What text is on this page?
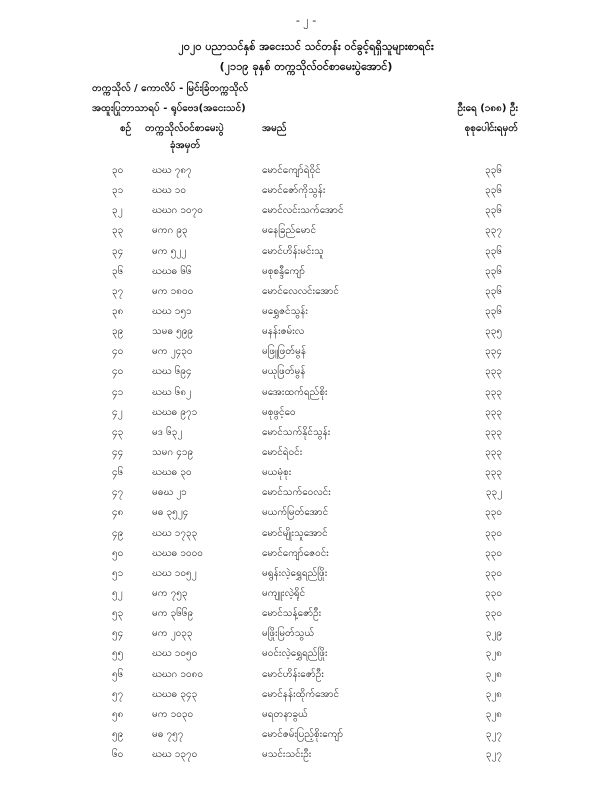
- ၂ -
၂၀၂၀ ပညာသင်နှစ် အငေးသင် သင်တန်း ဝင်ခွင့်ရရှိသူများစာရင်း
(၂၁၁၉ ခုနှစ် တက္ကသိုလ်ဝင်စာမေးပွဲအောင်)
တက္ကသိုလ် / ကောလိပ် - မြင်းခြံတက္ကသိုလ်
အထူးပြုဘာသာရပ် - ရုပ်ဗေဒ(အငေးသင်)	ဦးရေ (၁၈၈) ဦး
စဉ် တက္ကသိုလ်ဝင်စာမေးပွဲ
ခုံအမှတ်
အမည်	စုစုပေါင်းရမှတ်
၃၀	ဃဃ ၇၈၇	မောင်ကျော်ရဲဝိုင်	၃၃၆
၃၁	ဃဃ ၁၀	မောင်ဇော်ကိုသွန်း	၃၃၆
၃၂	ဃဃဂ ၁၀၇၀	မောင်လင်းသက်အောင်	၃၃၆
၃၃	မကဂ ၉၃	မနေခြည်မောင်	၃၃၇
၃၄	မက ၅၂၂	မောင်ဟိန်းမင်းသူ	၃၃၆
၃၆	ဃဃဓ ၆၆	မစုစန္ဒီကျော်	၃၃၆
၃၇	မက ၁၈၀၀	မောင်လေလင်းအောင်	၃၃၆
၃၈	ဃဃ ၁၅၁	မရွှေဇင်သွန်း	၃၃၆
၃၉	သမဓ ၅၉၉	မနန်းဇမ်းလ	၃၃၅
၄၀	မက ၂၄၃၀	မဖြူဖြတ်မွန်	၃၃၄
၄၀	ဃဃ ၆၉၄	မယုဖြတ်မွန်	၃၃၃
၄၁	ဃဃ ၆၈၂	မအေးထက်ရည်စိုး	၃၃၃
၄၂	ဃဃဓ ၉၇၁	မစုဖွင့်ဝေ	၃၃၃
၄၃	မဒ ၆၃၂	မောင်သက်နိုင်သွန်း	၃၃၃
၄၄	သမဂ ၄၁၉	မောင်ရဲဝင်း	၃၃၃
၄၆	ဃဃဓ ၃၀	မယမုံစုး	၃၃၃
၄၇	မဓဃ ၂၁	မောင်သက်ဝေလင်း	၃၃၂
၄၈	မဓ ၃၅၂၄	မယက်မြတ်အောင်	၃၃၀
၄၉	ဃဃ ၁၇၃၃	မောင်မျိုးသူအောင်	၃၃၀
၅၀	ဃဃဓ ၁၀၀၀	မောင်ကျော်ဇေဝင်း	၃၃၀
၅၁	ဃဃ ၁၀၅၂	မရွန်းလဲ့ရွှေရည်ဖြိုး	၃၃၀
၅၂	မက ၇၅၃	မကျူးလဲ့ရိုင်	၃၃၀
၅၃	မက ၃၆၆၉	မောင်သန့်ဇော်ဦး	၃၃၀
၅၄	မက ၂၀၃၃	မဖြိုးမြတ်သွယ်	၃၂၉
၅၅	ဃဃ ၁၀၅၀	မဝင်းလဲ့ရွှေရည်ဖြိုး	၃၂၈
၅၆	ဃဃဂ ၁၀၈၀	မောင်ဟိန်းဇော်ဦး	၃၂၈
၅၇	ဃဃဓ ၃၄၃	မောင်နန်းထိုက်အောင်	၃၂၈
၅၈	မက ၁၀၃၀	မရတနာခွယ်	၃၂၈
၅၉	မဓ ၇၅၇	မောင်ဇမ်းပြည့်စိုးကျော်	၃၂၇
၆၀	ဃဃ ၁၃၇၀	မသင်းသင်းဦး	၃၂၇
